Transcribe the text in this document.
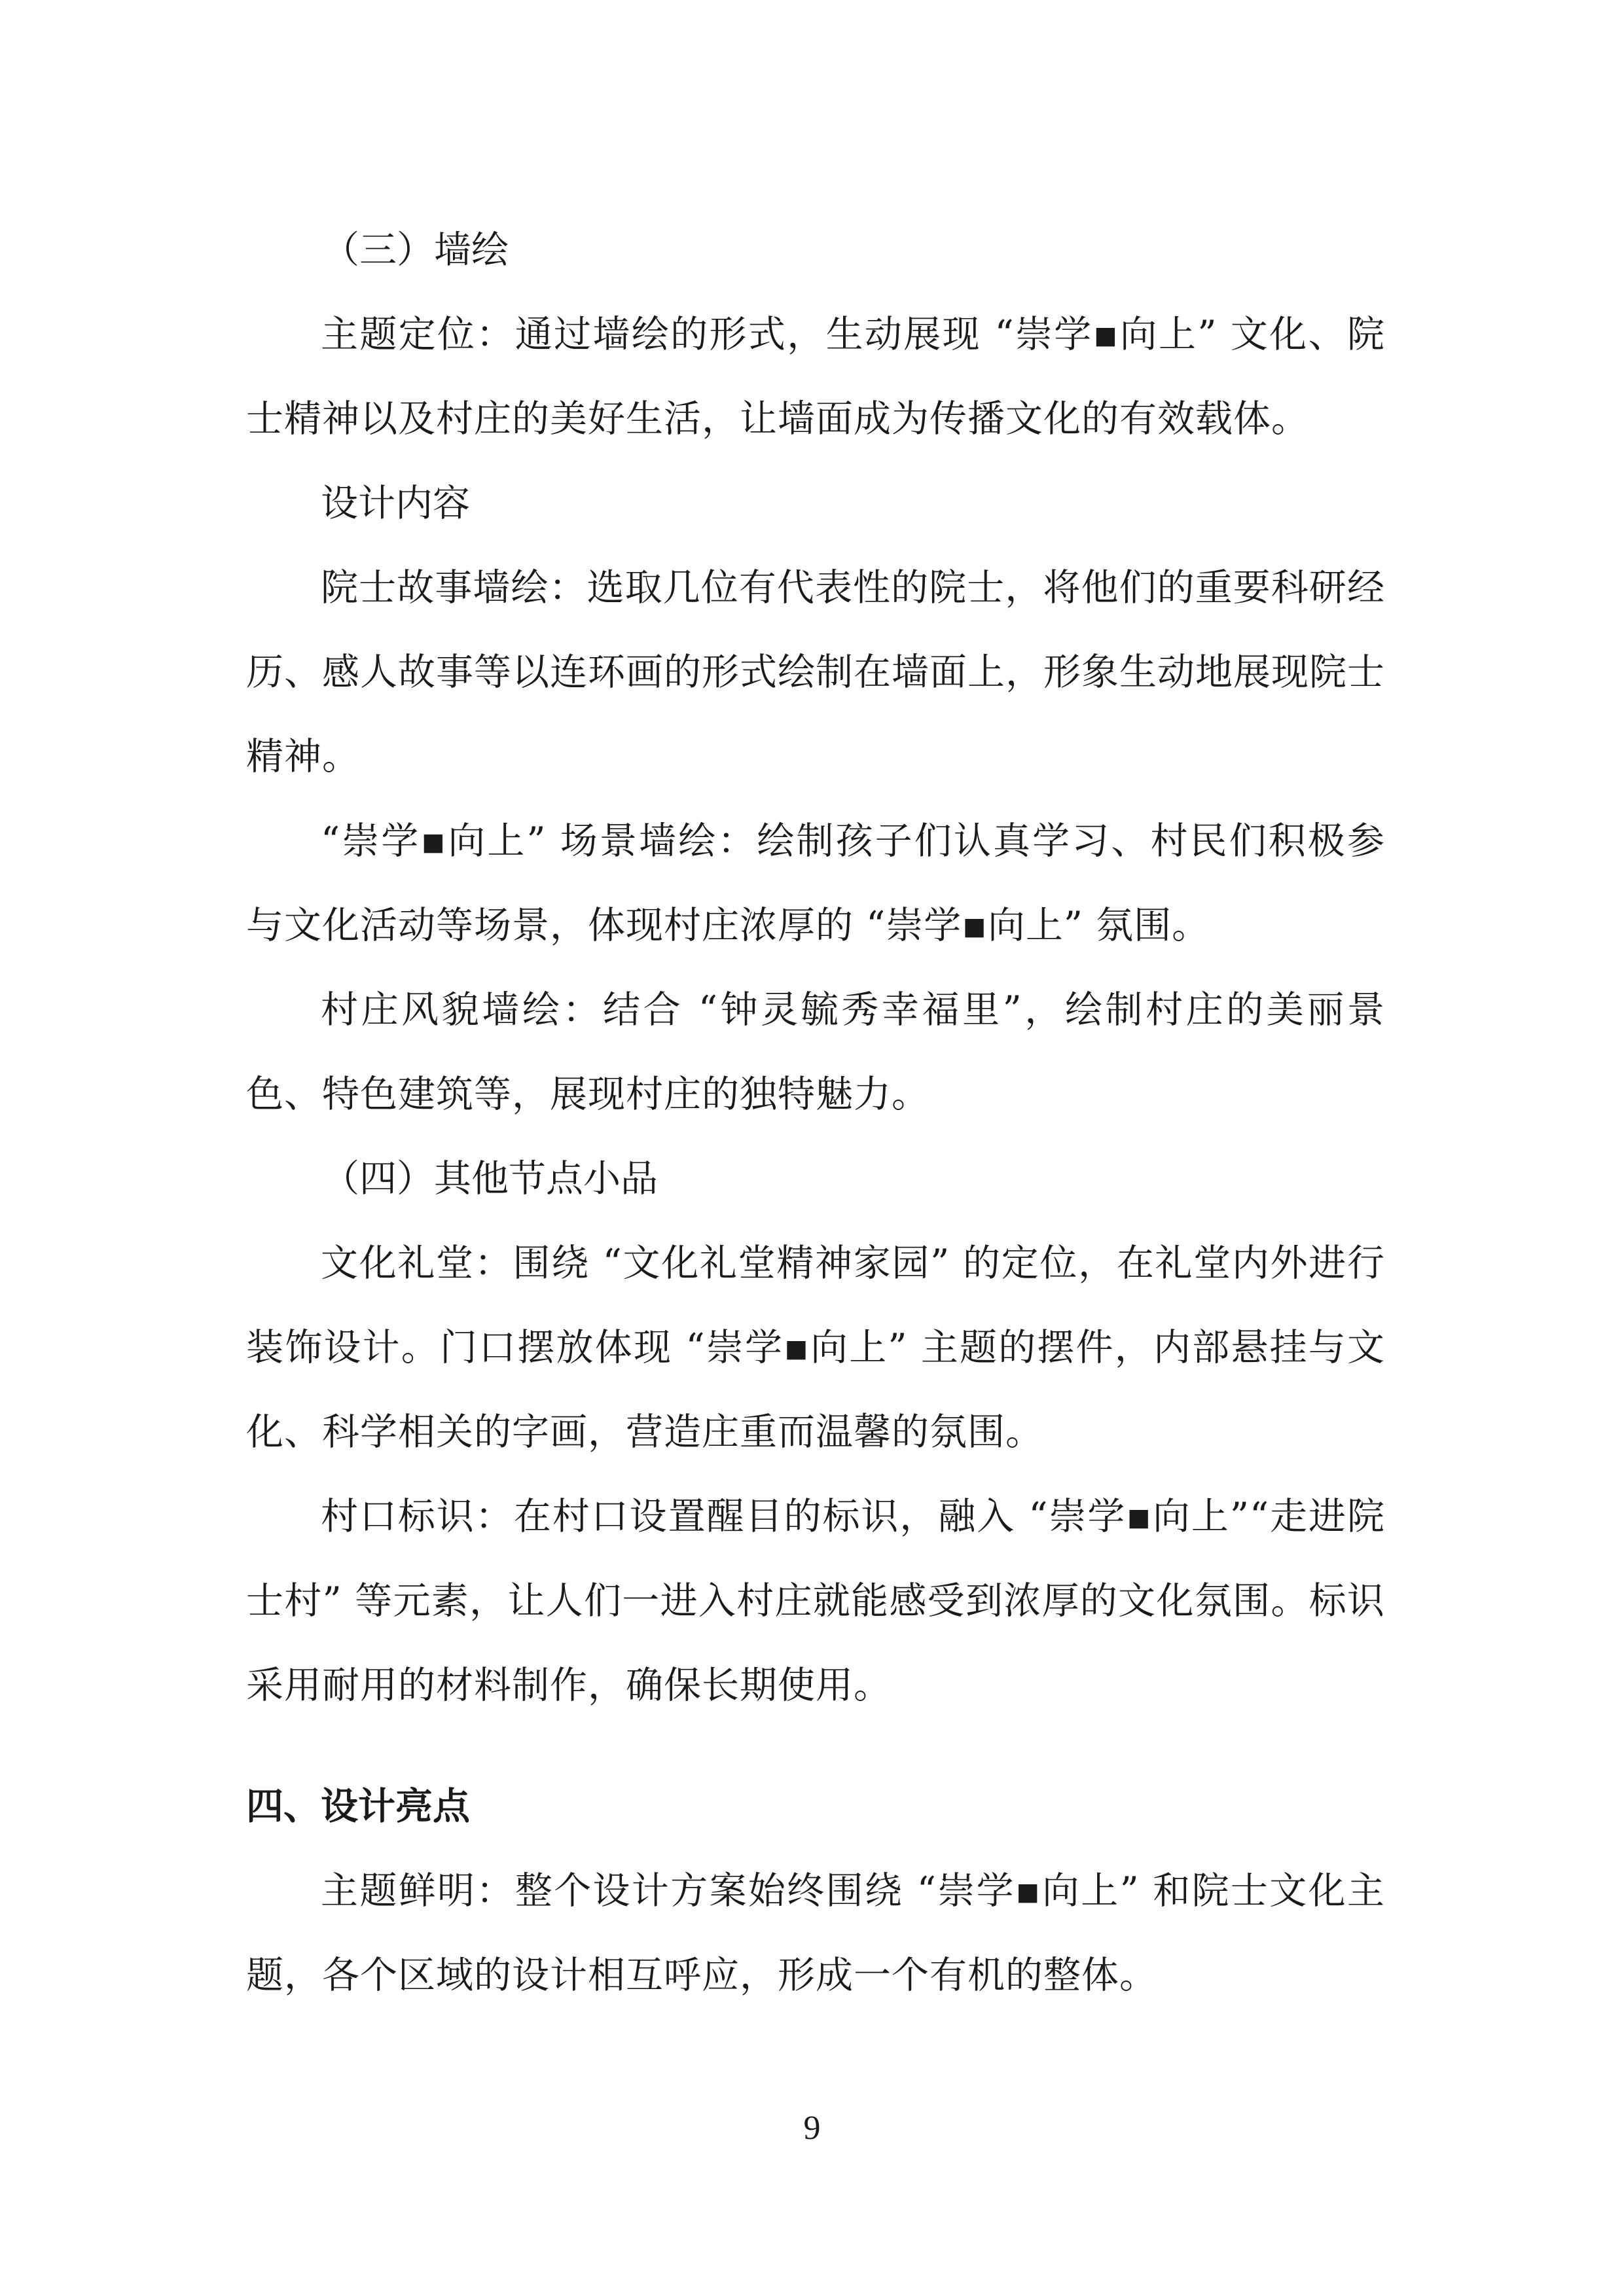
（三）墙绘

主题定位：通过墙绘的形式，生动展现 “崇学▪向上” 文化、院士精神以及村庄的美好生活，让墙面成为传播文化的有效载体。

设计内容

院士故事墙绘：选取几位有代表性的院士，将他们的重要科研经历、感人故事等以连环画的形式绘制在墙面上，形象生动地展现院士精神。

“崇学▪向上” 场景墙绘：绘制孩子们认真学习、村民们积极参与文化活动等场景，体现村庄浓厚的 “崇学▪向上” 氛围。

村庄风貌墙绘：结合 “钟灵毓秀幸福里”，绘制村庄的美丽景色、特色建筑等，展现村庄的独特魅力。

（四）其他节点小品

文化礼堂：围绕 “文化礼堂精神家园” 的定位，在礼堂内外进行装饰设计。门口摆放体现 “崇学▪向上” 主题的摆件，内部悬挂与文化、科学相关的字画，营造庄重而温馨的氛围。

村口标识：在村口设置醒目的标识，融入 “崇学▪向上”“走进院士村” 等元素，让人们一进入村庄就能感受到浓厚的文化氛围。标识采用耐用的材料制作，确保长期使用。

四、设计亮点

主题鲜明：整个设计方案始终围绕 “崇学▪向上” 和院士文化主题，各个区域的设计相互呼应，形成一个有机的整体。

9
